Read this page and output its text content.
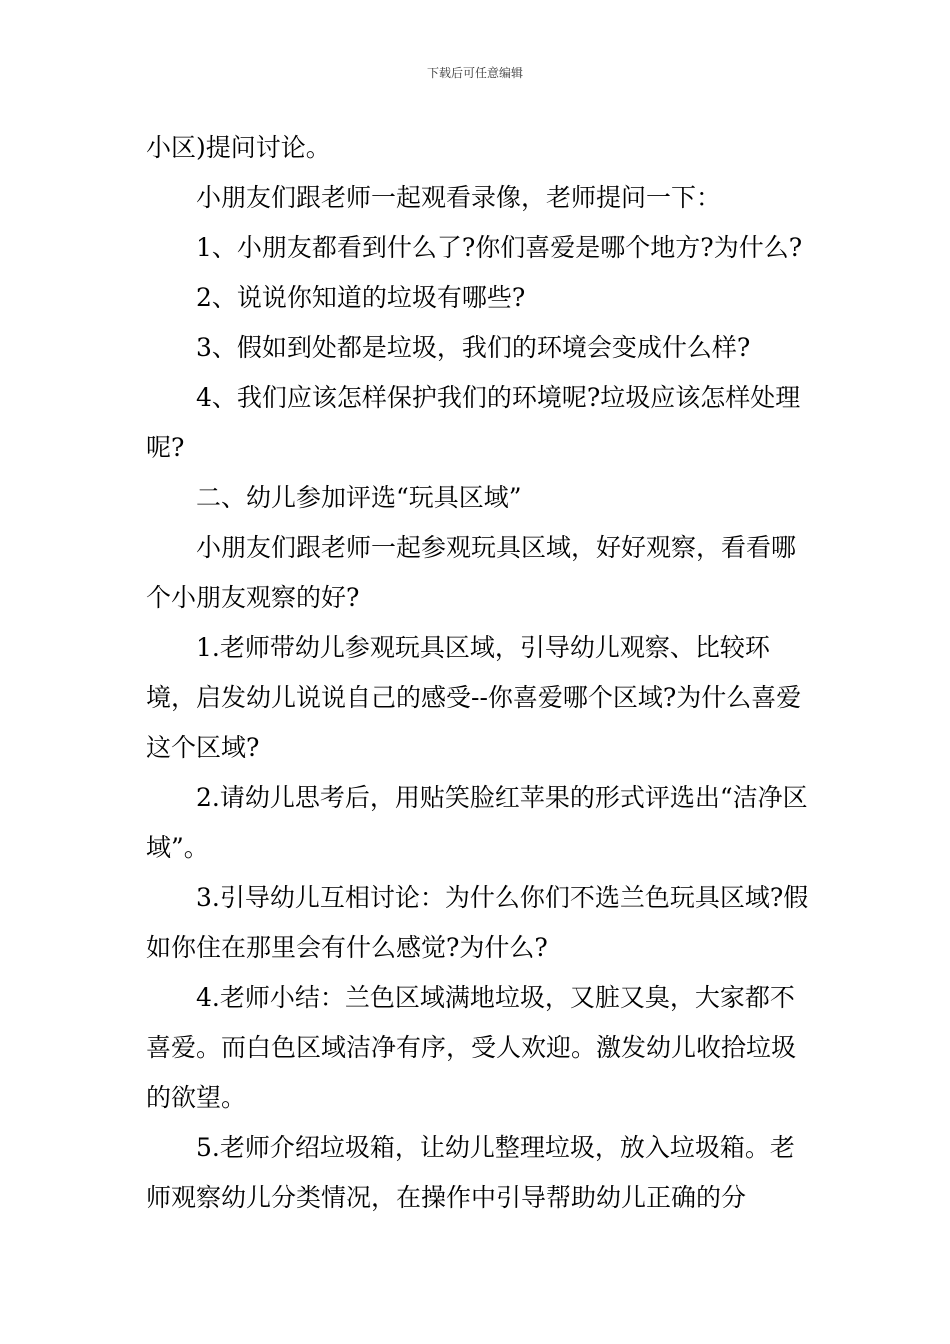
下载后可任意编辑

小区)提问讨论。

小朋友们跟老师一起观看录像，老师提问一下：

1、小朋友都看到什么了?你们喜爱是哪个地方?为什么?

2、说说你知道的垃圾有哪些?

3、假如到处都是垃圾，我们的环境会变成什么样?

4、我们应该怎样保护我们的环境呢?垃圾应该怎样处理呢?

二、幼儿参加评选“玩具区域”

小朋友们跟老师一起参观玩具区域，好好观察，看看哪个小朋友观察的好?

1.老师带幼儿参观玩具区域，引导幼儿观察、比较环境，启发幼儿说说自己的感受--你喜爱哪个区域?为什么喜爱这个区域?

2.请幼儿思考后，用贴笑脸红苹果的形式评选出“洁净区域”。

3.引导幼儿互相讨论：为什么你们不选兰色玩具区域?假如你住在那里会有什么感觉?为什么?

4.老师小结：兰色区域满地垃圾，又脏又臭，大家都不喜爱。而白色区域洁净有序，受人欢迎。激发幼儿收拾垃圾的欲望。

5.老师介绍垃圾箱，让幼儿整理垃圾，放入垃圾箱。老师观察幼儿分类情况，在操作中引导帮助幼儿正确的分
